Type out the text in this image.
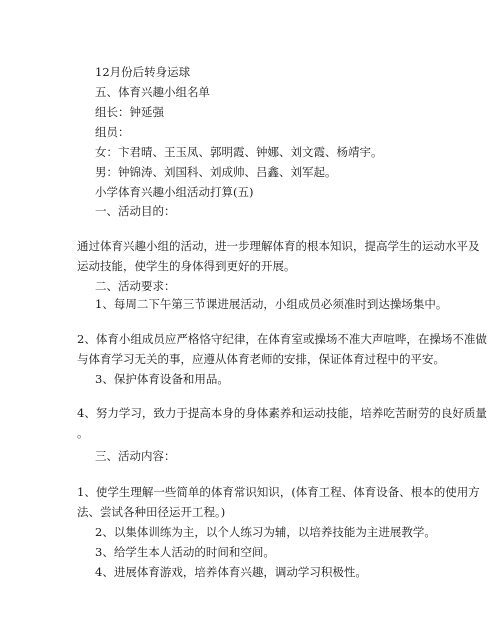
12月份后转身运球
五、体育兴趣小组名单
组长：钟延强
组员：
女：卞君晴、王玉凤、郭明霞、钟娜、刘文霞、杨靖宇。
男：钟锦涛、刘国科、刘成帅、吕鑫、刘军起。
小学体育兴趣小组活动打算(五)
一、活动目的：
通过体育兴趣小组的活动，进一步理解体育的根本知识，提高学生的运动水平及
运动技能，使学生的身体得到更好的开展。
二、活动要求：
1、每周二下午第三节课进展活动，小组成员必须准时到达操场集中。
2、体育小组成员应严格恪守纪律，在体育室或操场不准大声喧哗，在操场不准做
与体育学习无关的事，应遵从体育老师的安排，保证体育过程中的平安。
3、保护体育设备和用品。
4、努力学习，致力于提高本身的身体素养和运动技能，培养吃苦耐劳的良好质量
。
三、活动内容：
1、使学生理解一些简单的体育常识知识，(体育工程、体育设备、根本的使用方
法、尝试各种田径运开工程。)
2、以集体训练为主，以个人练习为辅，以培养技能为主进展教学。
3、给学生本人活动的时间和空间。
4、进展体育游戏，培养体育兴趣，调动学习积极性。
